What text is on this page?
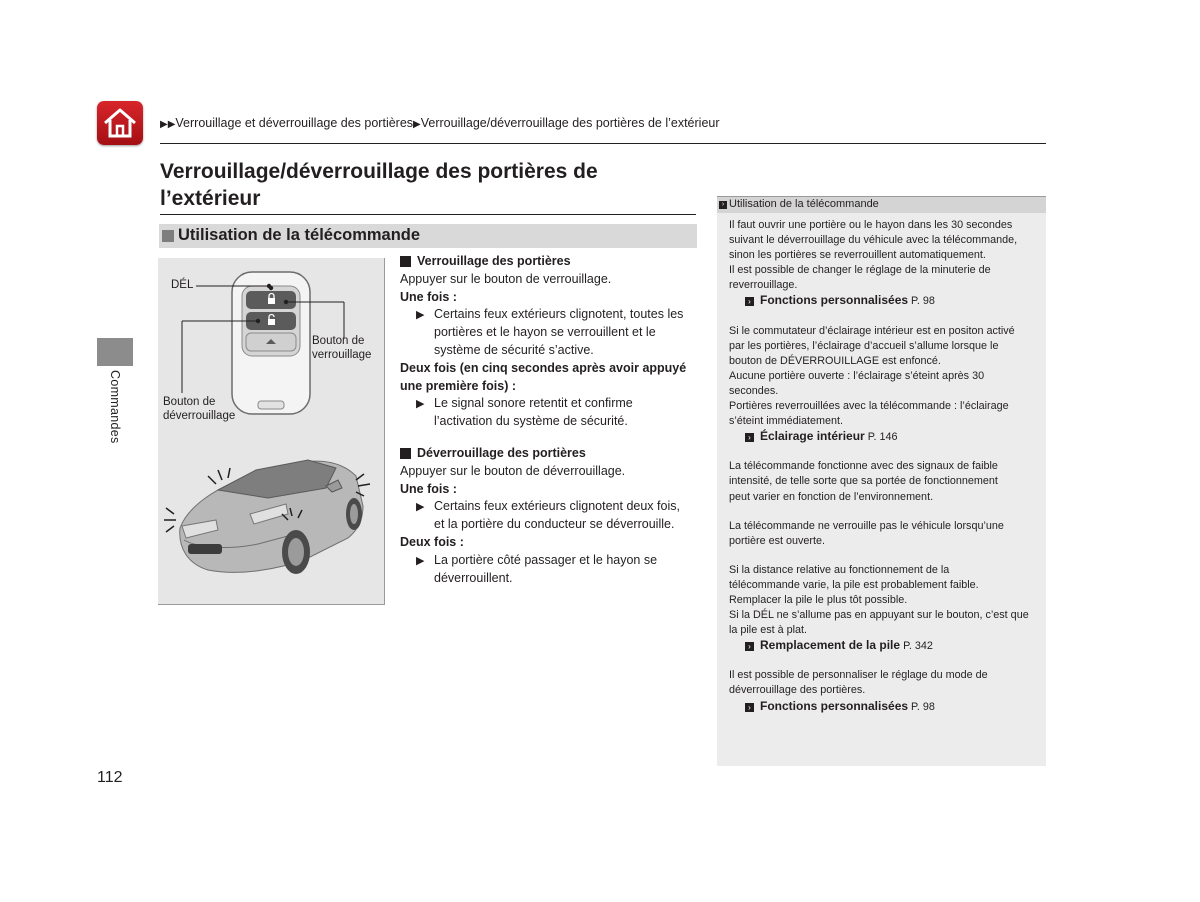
▶▶Verrouillage et déverrouillage des portières▶Verrouillage/déverrouillage des portières de l’extérieur
Commandes
Verrouillage/déverrouillage des portières de
l’extérieur
Utilisation de la télécommande
DÉL
Bouton de
verrouillage
Bouton de
déverrouillage
Verrouillage des portières
Appuyer sur le bouton de verrouillage.
Une fois :
▶ Certains feux extérieurs clignotent, toutes les
portières et le hayon se verrouillent et le
système de sécurité s’active.
Deux fois (en cinq secondes après avoir appuyé
une première fois) :
▶ Le signal sonore retentit et confirme
l’activation du système de sécurité.
Déverrouillage des portières
Appuyer sur le bouton de déverrouillage.
Une fois :
▶ Certains feux extérieurs clignotent deux fois,
et la portière du conducteur se déverrouille.
Deux fois :
▶ La portière côté passager et le hayon se
déverrouillent.
› Utilisation de la télécommande
Il faut ouvrir une portière ou le hayon dans les 30 secondes
suivant le déverrouillage du véhicule avec la télécommande,
sinon les portières se reverrouillent automatiquement.
Il est possible de changer le réglage de la minuterie de
reverrouillage.
› Fonctions personnalisées P. 98
Si le commutateur d’éclairage intérieur est en positon activé
par les portières, l’éclairage d’accueil s’allume lorsque le
bouton de DÉVERROUILLAGE est enfoncé.
Aucune portière ouverte : l’éclairage s’éteint après 30
secondes.
Portières reverrouillées avec la télécommande : l’éclairage
s’éteint immédiatement.
› Éclairage intérieur P. 146
La télécommande fonctionne avec des signaux de faible
intensité, de telle sorte que sa portée de fonctionnement
peut varier en fonction de l’environnement.
La télécommande ne verrouille pas le véhicule lorsqu’une
portière est ouverte.
Si la distance relative au fonctionnement de la
télécommande varie, la pile est probablement faible.
Remplacer la pile le plus tôt possible.
Si la DÉL ne s’allume pas en appuyant sur le bouton, c’est que
la pile est à plat.
› Remplacement de la pile P. 342
Il est possible de personnaliser le réglage du mode de
déverrouillage des portières.
› Fonctions personnalisées P. 98
112
